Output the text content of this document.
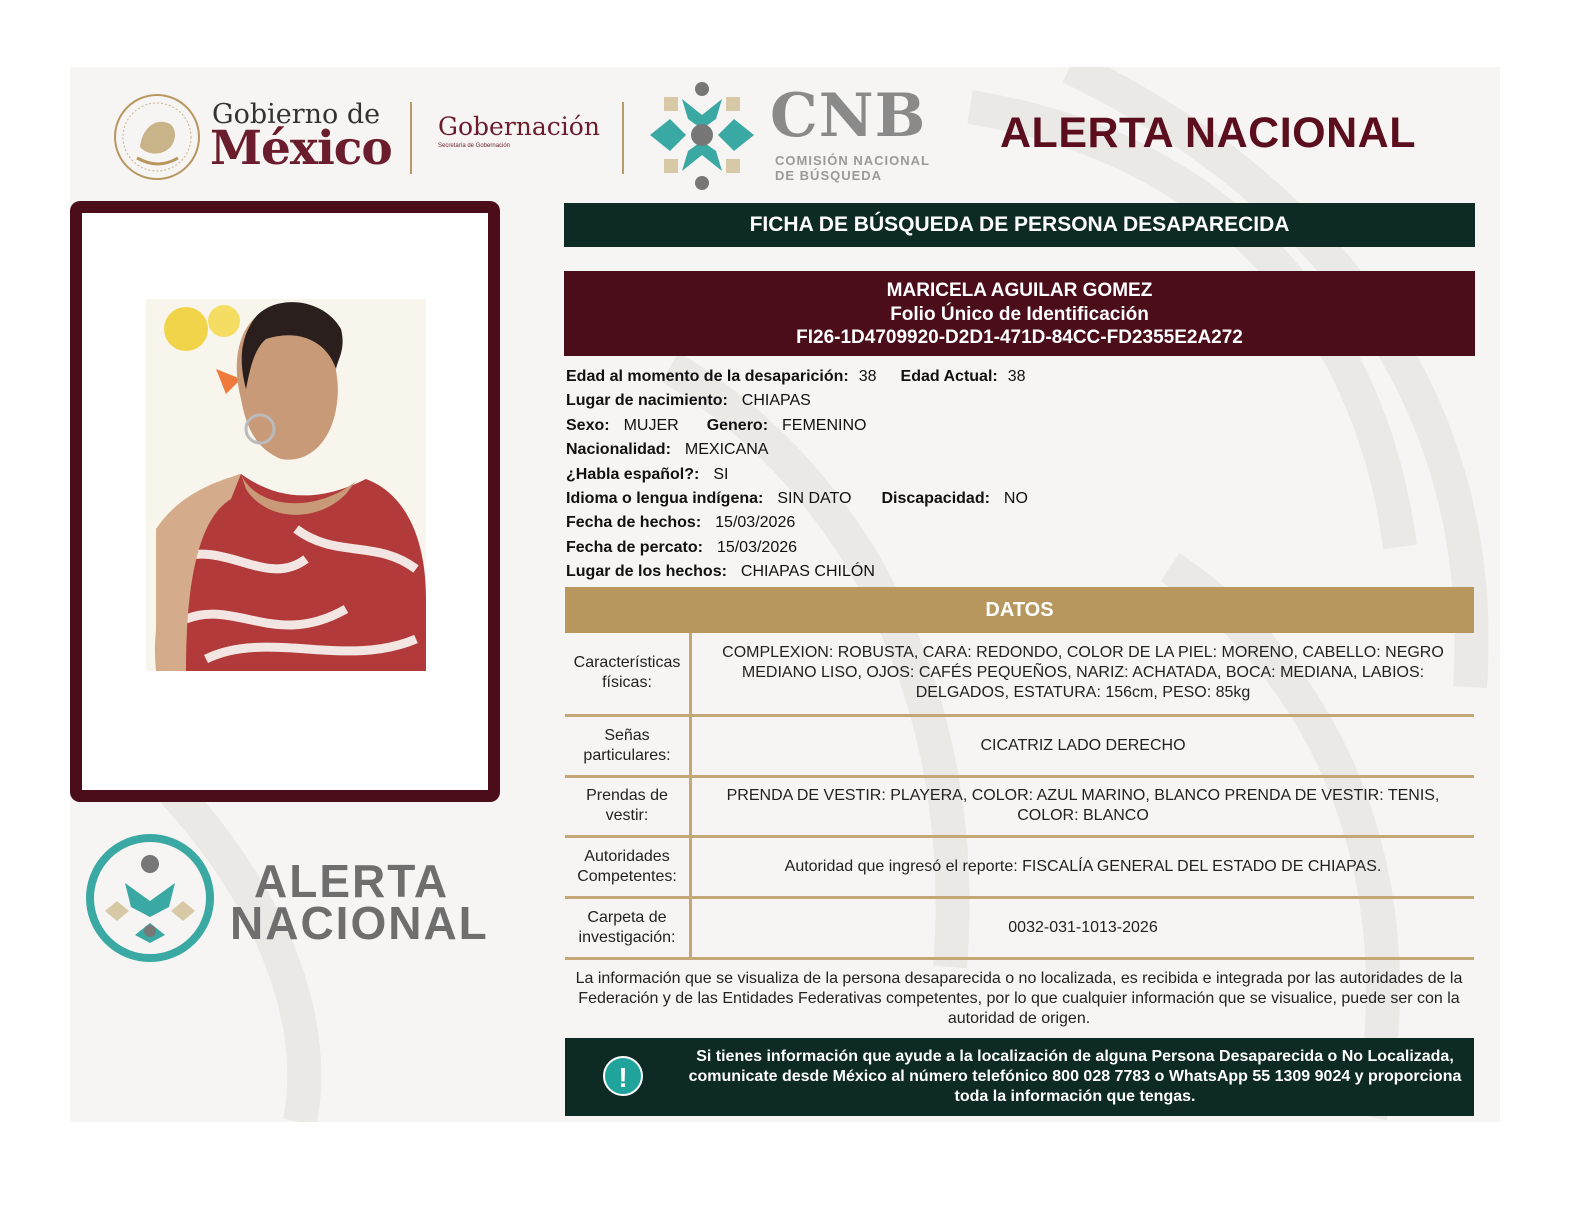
Gobierno de
México Gobernación
Secretaría de Gobernación	CNB
COMISIÓN NACIONAL
DE BÚSQUEDA
ALERTA NACIONAL
ALERTA
NACIONAL
FICHA DE BÚSQUEDA DE PERSONA DESAPARECIDA
MARICELA AGUILAR GOMEZ
Folio Único de Identificación
FI26-1D4709920-D2D1-471D-84CC-FD2355E2A272
Edad al momento de la desaparición: 38 Edad Actual: 38
Lugar de nacimiento: CHIAPAS
Sexo: MUJER Genero: FEMENINO
Nacionalidad: MEXICANA
¿Habla español?: SI
Idioma o lengua indígena: SIN DATO Discapacidad: NO
Fecha de hechos: 15/03/2026
Fecha de percato: 15/03/2026
Lugar de los hechos: CHIAPAS CHILÓN
DATOS
Características físicas:	COMPLEXION: ROBUSTA, CARA: REDONDO, COLOR DE LA PIEL: MORENO, CABELLO: NEGRO MEDIANO LISO, OJOS: CAFÉS PEQUEÑOS, NARIZ: ACHATADA, BOCA: MEDIANA, LABIOS: DELGADOS, ESTATURA: 156cm, PESO: 85kg
Señas particulares:	CICATRIZ LADO DERECHO
Prendas de vestir:	PRENDA DE VESTIR: PLAYERA, COLOR: AZUL MARINO, BLANCO PRENDA DE VESTIR: TENIS, COLOR: BLANCO
Autoridades Competentes:	Autoridad que ingresó el reporte: FISCALÍA GENERAL DEL ESTADO DE CHIAPAS.
Carpeta de investigación:	0032-031-1013-2026
La información que se visualiza de la persona desaparecida o no localizada, es recibida e integrada por las autoridades de la Federación y de las Entidades Federativas competentes, por lo que cualquier información que se visualice, puede ser con la autoridad de origen.
!
Si tienes información que ayude a la localización de alguna Persona Desaparecida o No Localizada, comunicate desde México al número telefónico 800 028 7783 o WhatsApp 55 1309 9024 y proporciona toda la información que tengas.
